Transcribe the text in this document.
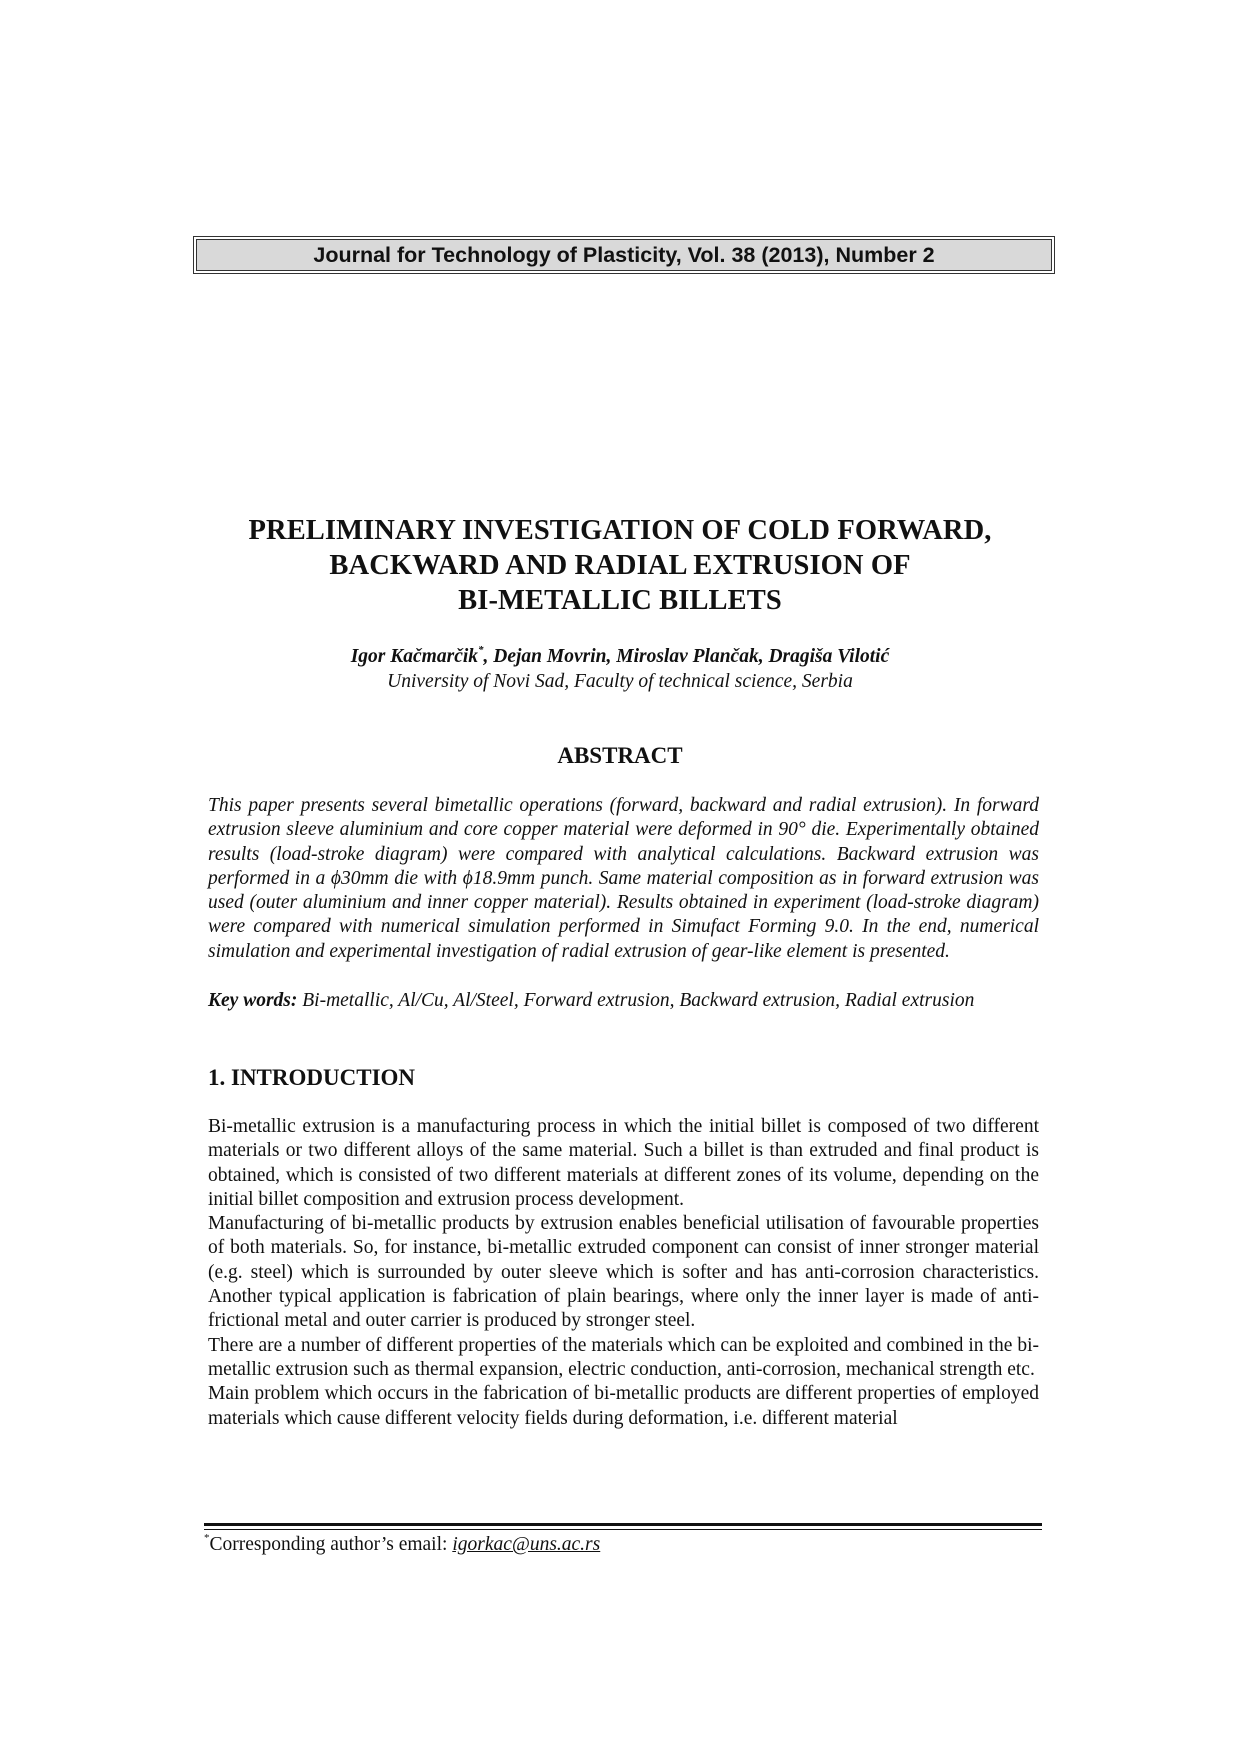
Journal for Technology of Plasticity, Vol. 38 (2013), Number 2
PRELIMINARY INVESTIGATION OF COLD FORWARD,
BACKWARD AND RADIAL EXTRUSION OF
BI-METALLIC BILLETS
Igor Kačmarčik*, Dejan Movrin, Miroslav Plančak, Dragiša Vilotić
University of Novi Sad, Faculty of technical science, Serbia
ABSTRACT
This paper presents several bimetallic operations (forward, backward and radial extrusion). In forward extrusion sleeve aluminium and core copper material were deformed in 90° die. Experimentally obtained results (load-stroke diagram) were compared with analytical calculations. Backward extrusion was performed in a ϕ30mm die with ϕ18.9mm punch. Same material composition as in forward extrusion was used (outer aluminium and inner copper material). Results obtained in experiment (load-stroke diagram) were compared with numerical simulation performed in Simufact Forming 9.0. In the end, numerical simulation and experimental investigation of radial extrusion of gear-like element is presented.
Key words: Bi-metallic, Al/Cu, Al/Steel, Forward extrusion, Backward extrusion, Radial extrusion
1. INTRODUCTION

Bi-metallic extrusion is a manufacturing process in which the initial billet is composed of two different materials or two different alloys of the same material. Such a billet is than extruded and final product is obtained, which is consisted of two different materials at different zones of its volume, depending on the initial billet composition and extrusion process development.

Manufacturing of bi-metallic products by extrusion enables beneficial utilisation of favourable properties of both materials. So, for instance, bi-metallic extruded component can consist of inner stronger material (e.g. steel) which is surrounded by outer sleeve which is softer and has anti-corrosion characteristics. Another typical application is fabrication of plain bearings, where only the inner layer is made of anti-frictional metal and outer carrier is produced by stronger steel.

There are a number of different properties of the materials which can be exploited and combined in the bi-metallic extrusion such as thermal expansion, electric conduction, anti-corrosion, mechanical strength etc.

Main problem which occurs in the fabrication of bi-metallic products are different properties of employed materials which cause different velocity fields during deformation, i.e. different material

*Corresponding author’s email: igorkac@uns.ac.rs
